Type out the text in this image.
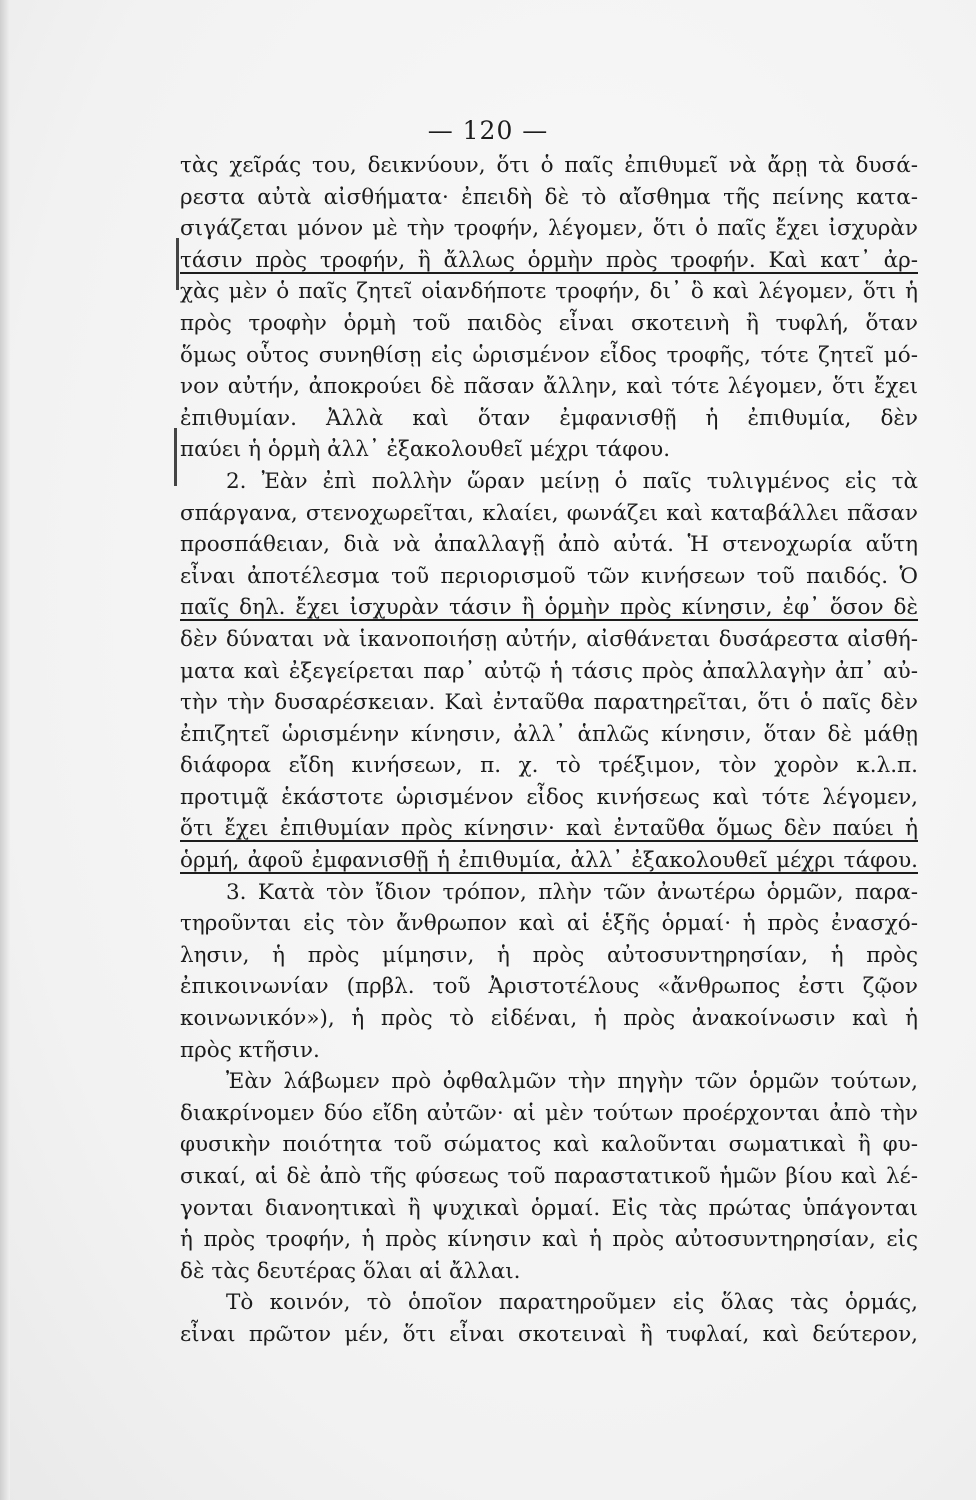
— 120 —
τὰς χεῖράς του, δεικνύουν, ὅτι ὁ παῖς ἐπιθυμεῖ νὰ ἄρῃ τὰ δυσά-
ρεστα αὐτὰ αἰσθήματα· ἐπειδὴ δὲ τὸ αἴσθημα τῆς πείνης κατα-
σιγάζεται μόνον μὲ τὴν τροφήν, λέγομεν, ὅτι ὁ παῖς ἔχει ἰσχυρὰν
τάσιν πρὸς τροφήν, ἢ ἄλλως ὁρμὴν πρὸς τροφήν. Καὶ κατ᾽ ἀρ-
χὰς μὲν ὁ παῖς ζητεῖ οἱανδήποτε τροφήν, δι᾽ ὃ καὶ λέγομεν, ὅτι ἡ
πρὸς τροφὴν ὁρμὴ τοῦ παιδὸς εἶναι σκοτεινὴ ἢ τυφλή, ὅταν
ὅμως οὗτος συνηθίσῃ εἰς ὡρισμένον εἶδος τροφῆς, τότε ζητεῖ μό-
νον αὐτήν, ἀποκρούει δὲ πᾶσαν ἄλλην, καὶ τότε λέγομεν, ὅτι ἔχει
ἐπιθυμίαν. Ἀλλὰ καὶ ὅταν ἐμφανισθῇ ἡ ἐπιθυμία, δὲν
παύει ἡ ὁρμὴ ἀλλ᾽ ἐξακολουθεῖ μέχρι τάφου.
2. Ἐὰν ἐπὶ πολλὴν ὥραν μείνῃ ὁ παῖς τυλιγμένος εἰς τὰ
σπάργανα, στενοχωρεῖται, κλαίει, φωνάζει καὶ καταβάλλει πᾶσαν
προσπάθειαν, διὰ νὰ ἀπαλλαγῇ ἀπὸ αὐτά. Ἡ στενοχωρία αὕτη
εἶναι ἀποτέλεσμα τοῦ περιορισμοῦ τῶν κινήσεων τοῦ παιδός. Ὁ
παῖς δηλ. ἔχει ἰσχυρὰν τάσιν ἢ ὁρμὴν πρὸς κίνησιν, ἐφ᾽ ὅσον δὲ
δὲν δύναται νὰ ἱκανοποιήσῃ αὐτήν, αἰσθάνεται δυσάρεστα αἰσθή-
ματα καὶ ἐξεγείρεται παρ᾽ αὐτῷ ἡ τάσις πρὸς ἀπαλλαγὴν ἀπ᾽ αὐ-
τὴν τὴν δυσαρέσκειαν. Καὶ ἐνταῦθα παρατηρεῖται, ὅτι ὁ παῖς δὲν
ἐπιζητεῖ ὡρισμένην κίνησιν, ἀλλ᾽ ἁπλῶς κίνησιν, ὅταν δὲ μάθῃ
διάφορα εἴδη κινήσεων, π. χ. τὸ τρέξιμον, τὸν χορὸν κ.λ.π.
προτιμᾷ ἑκάστοτε ὡρισμένον εἶδος κινήσεως καὶ τότε λέγομεν,
ὅτι ἔχει ἐπιθυμίαν πρὸς κίνησιν· καὶ ἐνταῦθα ὅμως δὲν παύει ἡ
ὁρμή, ἀφοῦ ἐμφανισθῇ ἡ ἐπιθυμία, ἀλλ᾽ ἐξακολουθεῖ μέχρι τάφου.
3. Κατὰ τὸν ἴδιον τρόπον, πλὴν τῶν ἀνωτέρω ὁρμῶν, παρα-
τηροῦνται εἰς τὸν ἄνθρωπον καὶ αἱ ἑξῆς ὁρμαί· ἡ πρὸς ἐνασχό-
λησιν, ἡ πρὸς μίμησιν, ἡ πρὸς αὐτοσυντηρησίαν, ἡ πρὸς
ἐπικοινωνίαν (πρβλ. τοῦ Ἀριστοτέλους «ἄνθρωπος ἐστι ζῷον
κοινωνικόν»), ἡ πρὸς τὸ εἰδέναι, ἡ πρὸς ἀνακοίνωσιν καὶ ἡ
πρὸς κτῆσιν.
Ἐὰν λάβωμεν πρὸ ὀφθαλμῶν τὴν πηγὴν τῶν ὁρμῶν τούτων,
διακρίνομεν δύο εἴδη αὐτῶν· αἱ μὲν τούτων προέρχονται ἀπὸ τὴν
φυσικὴν ποιότητα τοῦ σώματος καὶ καλοῦνται σωματικαὶ ἢ φυ-
σικαί, αἱ δὲ ἀπὸ τῆς φύσεως τοῦ παραστατικοῦ ἡμῶν βίου καὶ λέ-
γονται διανοητικαὶ ἢ ψυχικαὶ ὁρμαί. Εἰς τὰς πρώτας ὑπάγονται
ἡ πρὸς τροφήν, ἡ πρὸς κίνησιν καὶ ἡ πρὸς αὐτοσυντηρησίαν, εἰς
δὲ τὰς δευτέρας ὅλαι αἱ ἄλλαι.
Τὸ κοινόν, τὸ ὁποῖον παρατηροῦμεν εἰς ὅλας τὰς ὁρμάς,
εἶναι πρῶτον μέν, ὅτι εἶναι σκοτειναὶ ἢ τυφλαί, καὶ δεύτερον,
